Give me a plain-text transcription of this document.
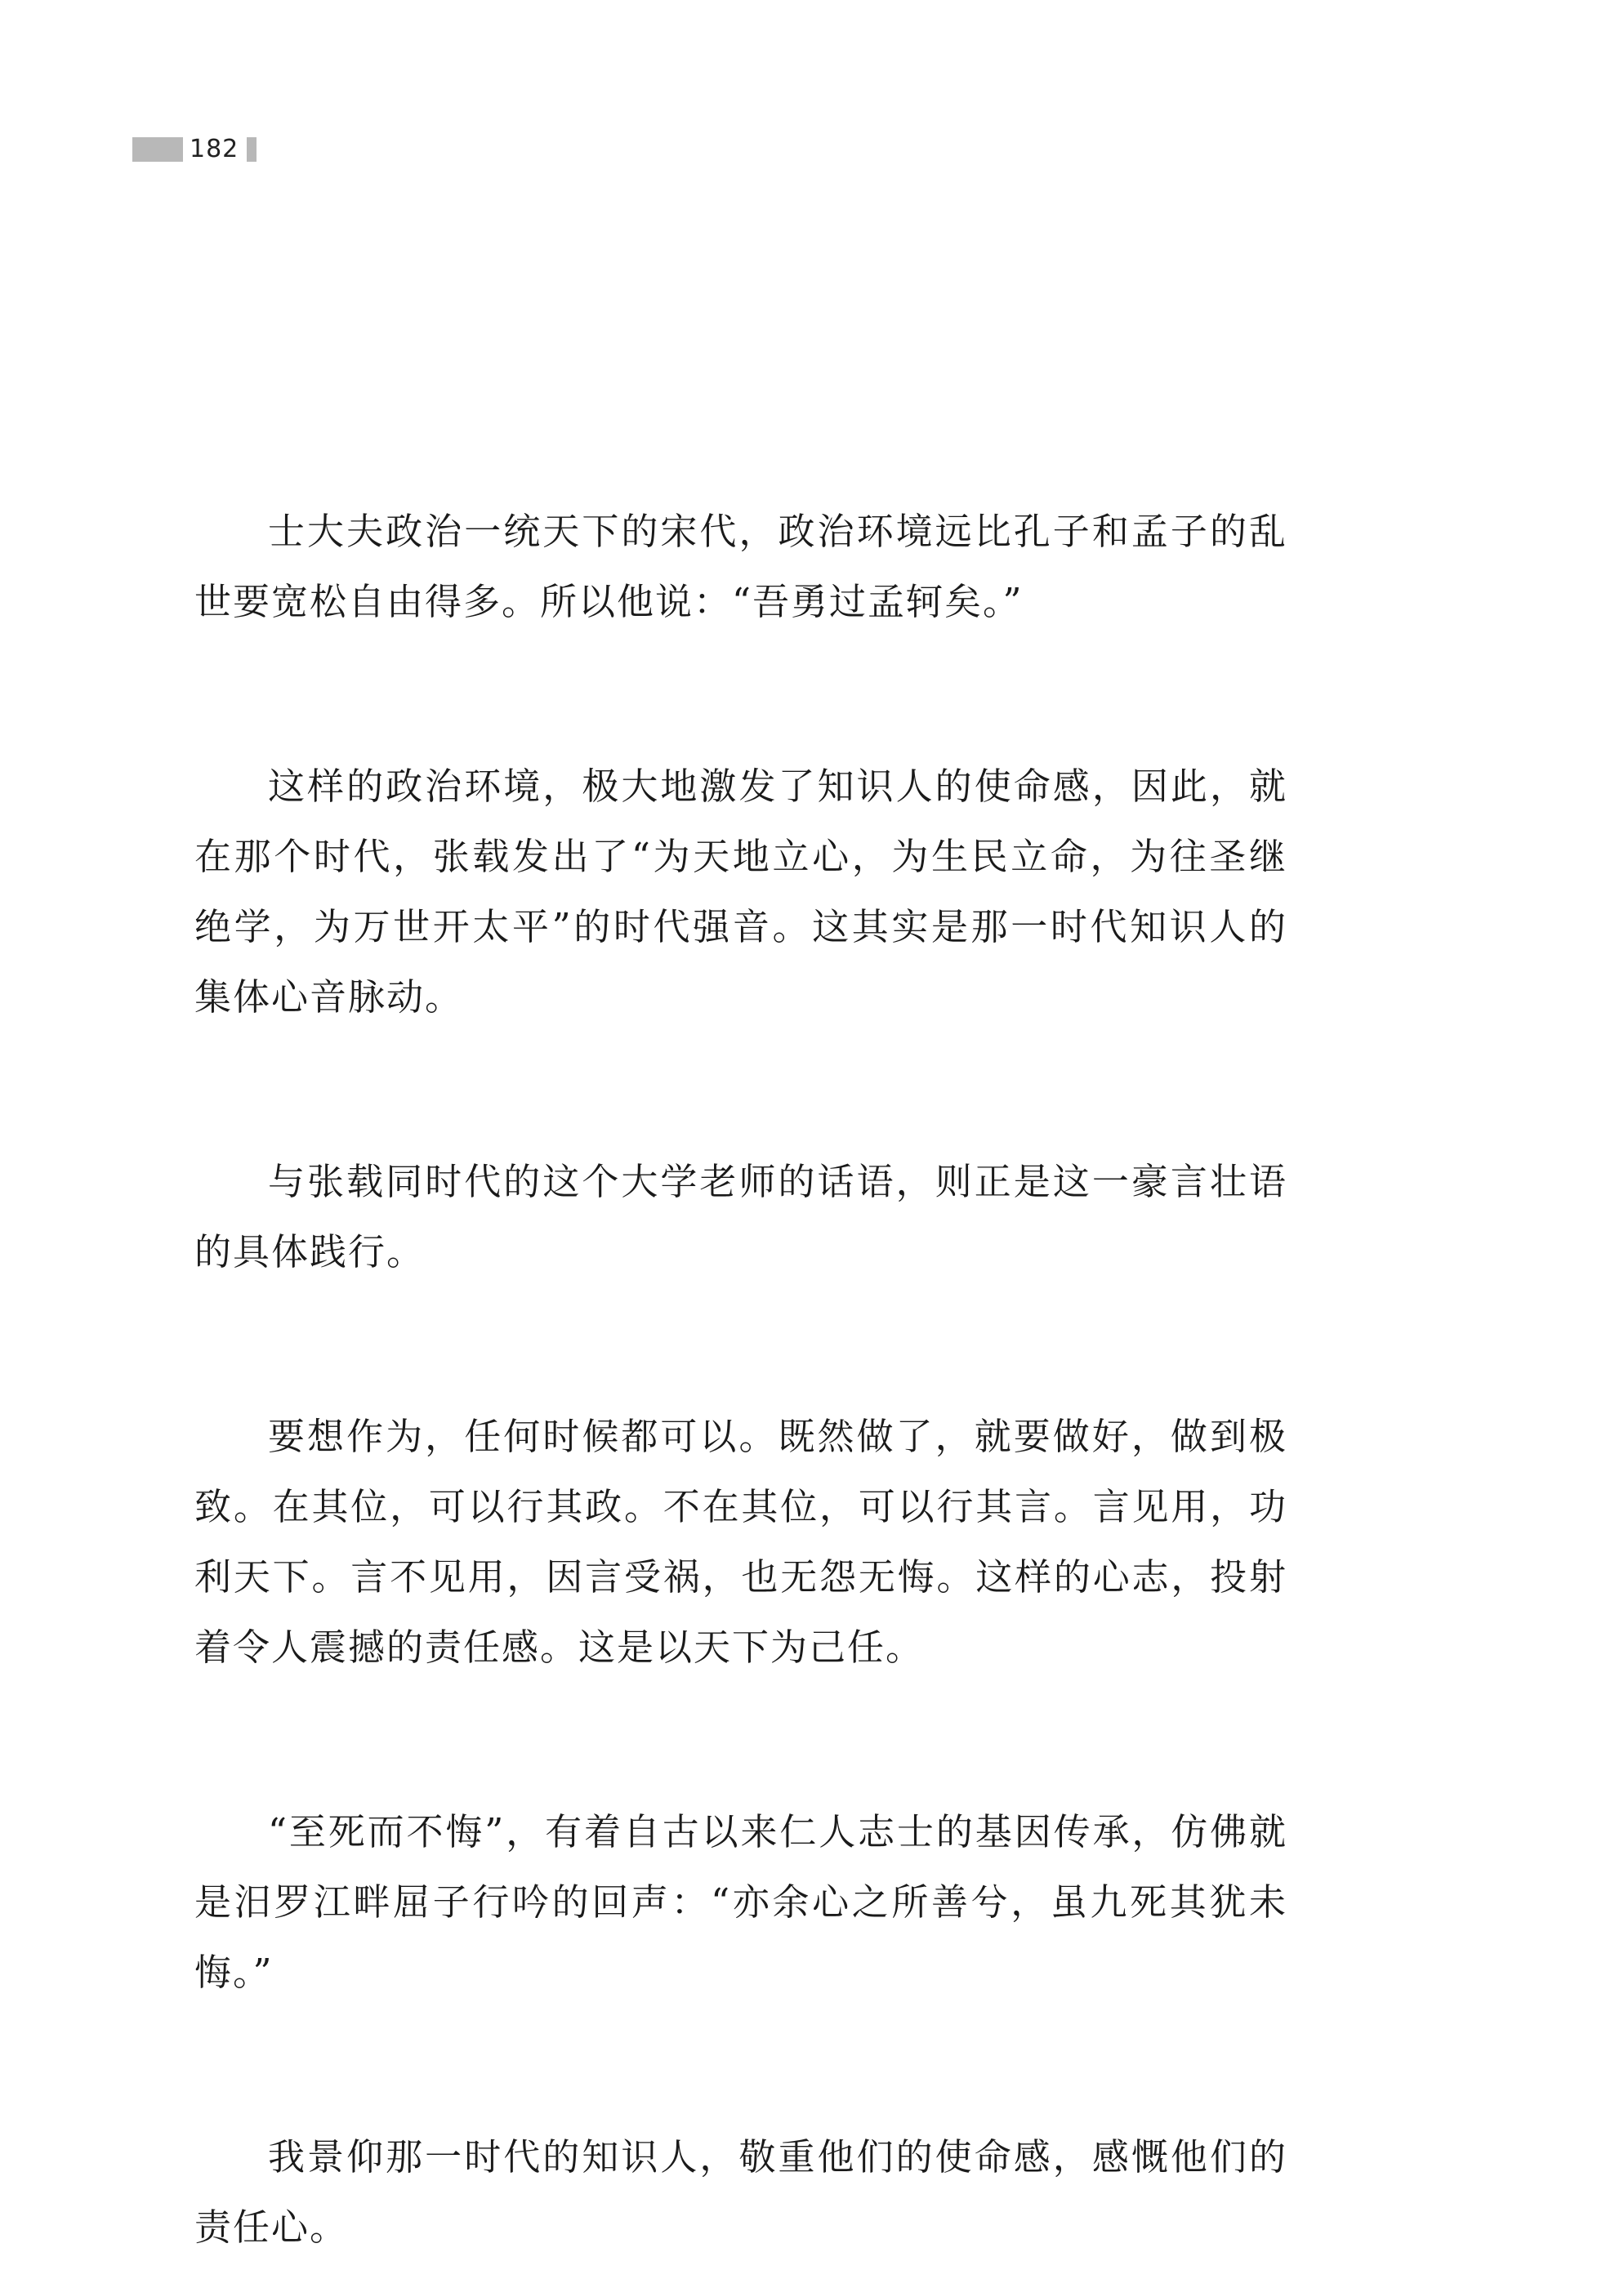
182

士大夫政治一统天下的宋代，政治环境远比孔子和孟子的乱世要宽松自由得多。所以他说：“吾勇过孟轲矣。”

这样的政治环境，极大地激发了知识人的使命感，因此，就在那个时代，张载发出了“为天地立心，为生民立命，为往圣继绝学，为万世开太平”的时代强音。这其实是那一时代知识人的集体心音脉动。

与张载同时代的这个大学老师的话语，则正是这一豪言壮语的具体践行。

要想作为，任何时候都可以。既然做了，就要做好，做到极致。在其位，可以行其政。不在其位，可以行其言。言见用，功利天下。言不见用，因言受祸，也无怨无悔。这样的心志，投射着令人震撼的责任感。这是以天下为己任。

“至死而不悔”，有着自古以来仁人志士的基因传承，仿佛就是汨罗江畔屈子行吟的回声：“亦余心之所善兮，虽九死其犹未悔。”

我景仰那一时代的知识人，敬重他们的使命感，感慨他们的责任心。
